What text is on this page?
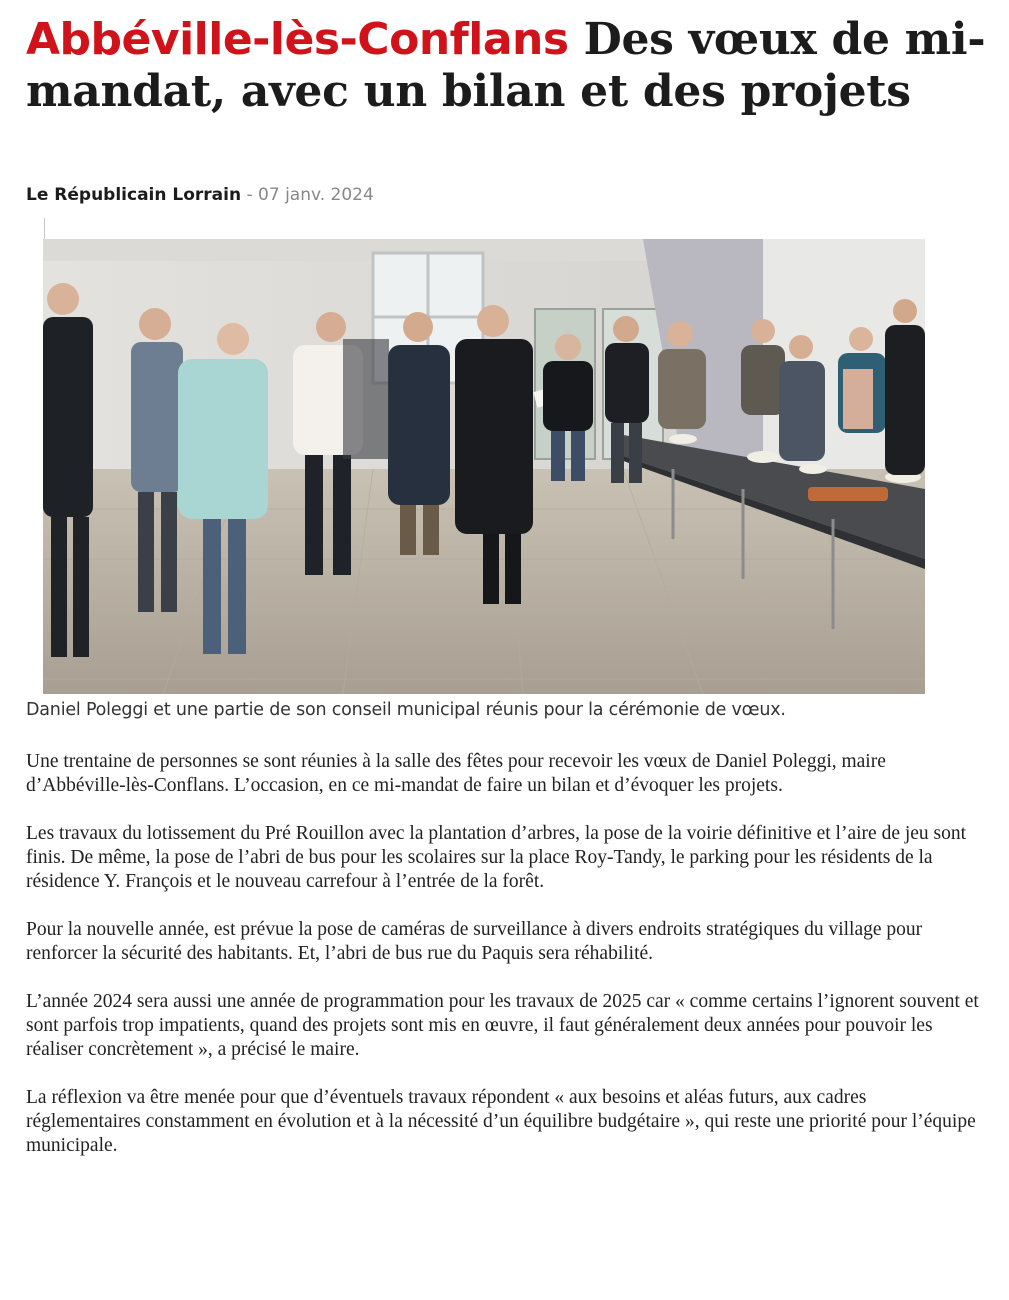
Abbéville-lès-Conflans Des vœux de mi-mandat, avec un bilan et des projets
Le Républicain Lorrain - 07 janv. 2024
Daniel Poleggi et une partie de son conseil municipal réunis pour la cérémonie de vœux.

Une trentaine de personnes se sont réunies à la salle des fêtes pour recevoir les vœux de Daniel Poleggi, maire d’Abbéville-lès-Conflans. L’occasion, en ce mi-mandat de faire un bilan et d’évoquer les projets.

Les travaux du lotissement du Pré Rouillon avec la plantation d’arbres, la pose de la voirie définitive et l’aire de jeu sont finis. De même, la pose de l’abri de bus pour les scolaires sur la place Roy-Tandy, le parking pour les résidents de la résidence Y. François et le nouveau carrefour à l’entrée de la forêt.

Pour la nouvelle année, est prévue la pose de caméras de surveillance à divers endroits stratégiques du village pour renforcer la sécurité des habitants. Et, l’abri de bus rue du Paquis sera réhabilité.

L’année 2024 sera aussi une année de programmation pour les travaux de 2025 car « comme certains l’ignorent souvent et sont parfois trop impatients, quand des projets sont mis en œuvre, il faut généralement deux années pour pouvoir les réaliser concrètement », a précisé le maire.

La réflexion va être menée pour que d’éventuels travaux répondent « aux besoins et aléas futurs, aux cadres réglementaires constamment en évolution et à la nécessité d’un équilibre budgétaire », qui reste une priorité pour l’équipe municipale.
